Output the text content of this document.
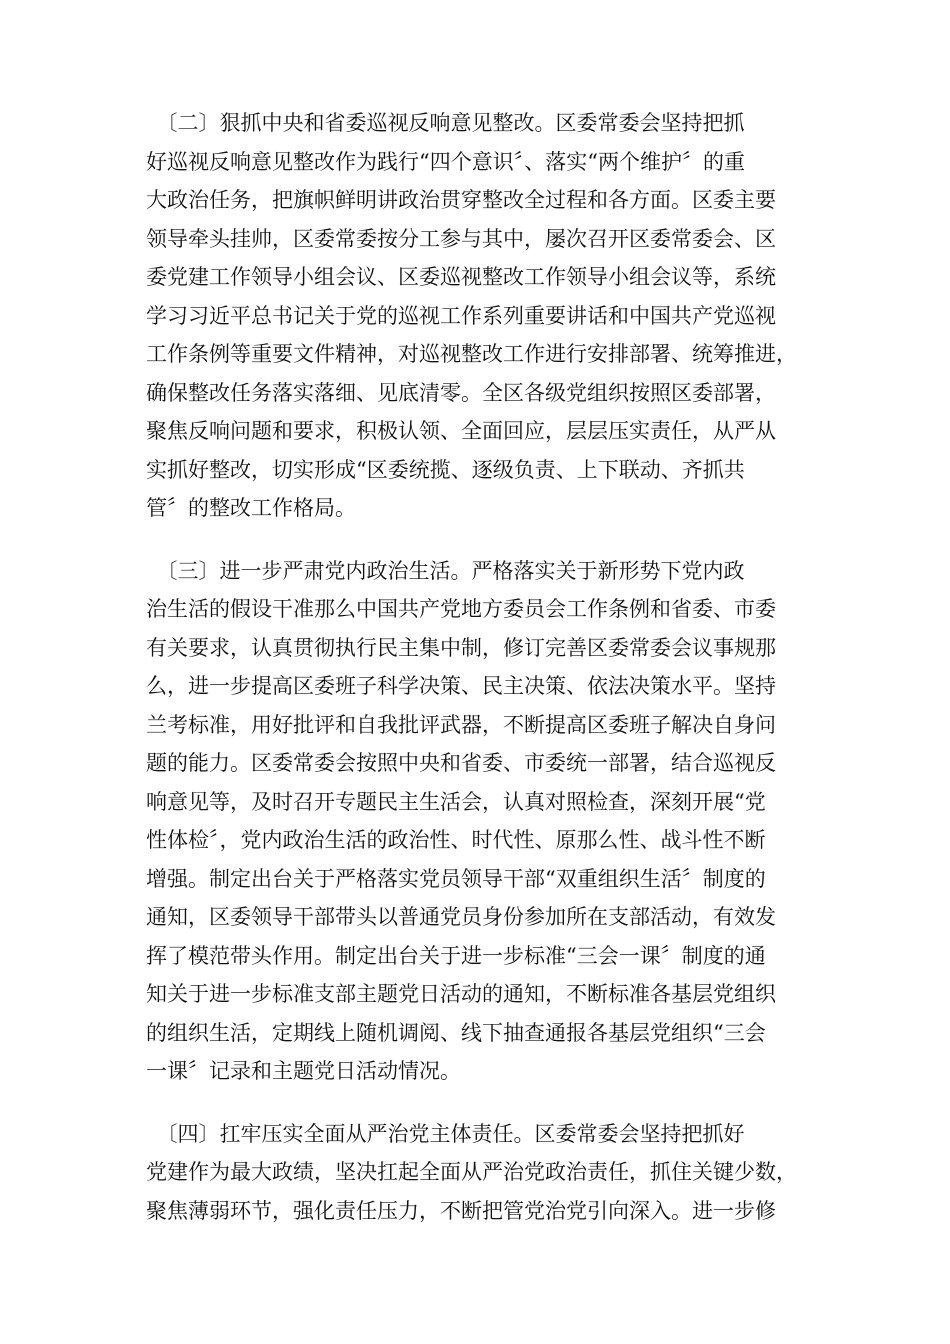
　〔二〕狠抓中央和省委巡视反响意见整改。区委常委会坚持把抓
好巡视反响意见整改作为践行“四个意识〞、落实“两个维护〞的重
大政治任务，把旗帜鲜明讲政治贯穿整改全过程和各方面。区委主要
领导牵头挂帅，区委常委按分工参与其中，屡次召开区委常委会、区
委党建工作领导小组会议、区委巡视整改工作领导小组会议等，系统
学习习近平总书记关于党的巡视工作系列重要讲话和中国共产党巡视
工作条例等重要文件精神，对巡视整改工作进行安排部署、统筹推进，
确保整改任务落实落细、见底清零。全区各级党组织按照区委部署，
聚焦反响问题和要求，积极认领、全面回应，层层压实责任，从严从
实抓好整改，切实形成“区委统揽、逐级负责、上下联动、齐抓共
管〞的整改工作格局。
　〔三〕进一步严肃党内政治生活。严格落实关于新形势下党内政
治生活的假设干准那么中国共产党地方委员会工作条例和省委、市委
有关要求，认真贯彻执行民主集中制，修订完善区委常委会议事规那
么，进一步提高区委班子科学决策、民主决策、依法决策水平。坚持
兰考标准，用好批评和自我批评武器，不断提高区委班子解决自身问
题的能力。区委常委会按照中央和省委、市委统一部署，结合巡视反
响意见等，及时召开专题民主生活会，认真对照检查，深刻开展“党
性体检〞，党内政治生活的政治性、时代性、原那么性、战斗性不断
增强。制定出台关于严格落实党员领导干部“双重组织生活〞制度的
通知，区委领导干部带头以普通党员身份参加所在支部活动，有效发
挥了模范带头作用。制定出台关于进一步标准“三会一课〞制度的通
知关于进一步标准支部主题党日活动的通知，不断标准各基层党组织
的组织生活，定期线上随机调阅、线下抽查通报各基层党组织“三会
一课〞记录和主题党日活动情况。
　〔四〕扛牢压实全面从严治党主体责任。区委常委会坚持把抓好
党建作为最大政绩，坚决扛起全面从严治党政治责任，抓住关键少数，
聚焦薄弱环节，强化责任压力，不断把管党治党引向深入。进一步修
